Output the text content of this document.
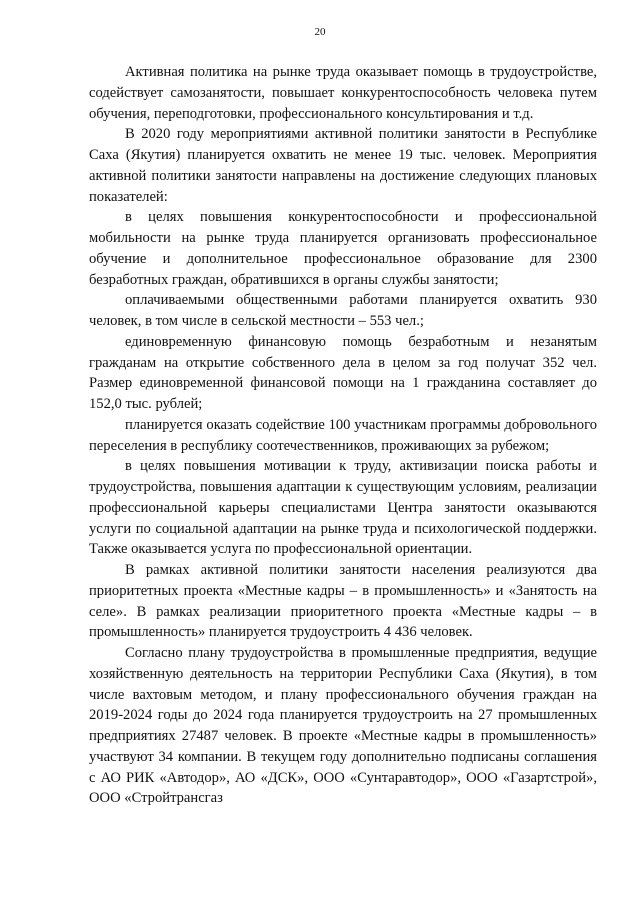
20

Активная политика на рынке труда оказывает помощь в трудоустройстве, содействует самозанятости, повышает конкурентоспособность человека путем обучения, переподготовки, профессионального консультирования и т.д.

В 2020 году мероприятиями активной политики занятости в Республике Саха (Якутия) планируется охватить не менее 19 тыс. человек. Мероприятия активной политики занятости направлены на достижение следующих плановых показателей:

в целях повышения конкурентоспособности и профессиональной мобильности на рынке труда планируется организовать профессиональное обучение и дополнительное профессиональное образование для 2300 безработных граждан, обратившихся в органы службы занятости;

оплачиваемыми общественными работами планируется охватить 930 человек, в том числе в сельской местности – 553 чел.;

единовременную финансовую помощь безработным и незанятым гражданам на открытие собственного дела в целом за год получат 352 чел. Размер единовременной финансовой помощи на 1 гражданина составляет до 152,0 тыс. рублей;

планируется оказать содействие 100 участникам программы добровольного переселения в республику соотечественников, проживающих за рубежом;

в целях повышения мотивации к труду, активизации поиска работы и трудоустройства, повышения адаптации к существующим условиям, реализации профессиональной карьеры специалистами Центра занятости оказываются услуги по социальной адаптации на рынке труда и психологической поддержки. Также оказывается услуга по профессиональной ориентации.

В рамках активной политики занятости населения реализуются два приоритетных проекта «Местные кадры – в промышленность» и «Занятость на селе». В рамках реализации приоритетного проекта «Местные кадры – в промышленность» планируется трудоустроить 4 436 человек.

Согласно плану трудоустройства в промышленные предприятия, ведущие хозяйственную деятельность на территории Республики Саха (Якутия), в том числе вахтовым методом, и плану профессионального обучения граждан на 2019-2024 годы до 2024 года планируется трудоустроить на 27 промышленных предприятиях 27487 человек. В проекте «Местные кадры в промышленность» участвуют 34 компании. В текущем году дополнительно подписаны соглашения с АО РИК «Автодор», АО «ДСК», ООО «Сунтаравтодор», ООО «Газартстрой», ООО «Стройтрансгаз
